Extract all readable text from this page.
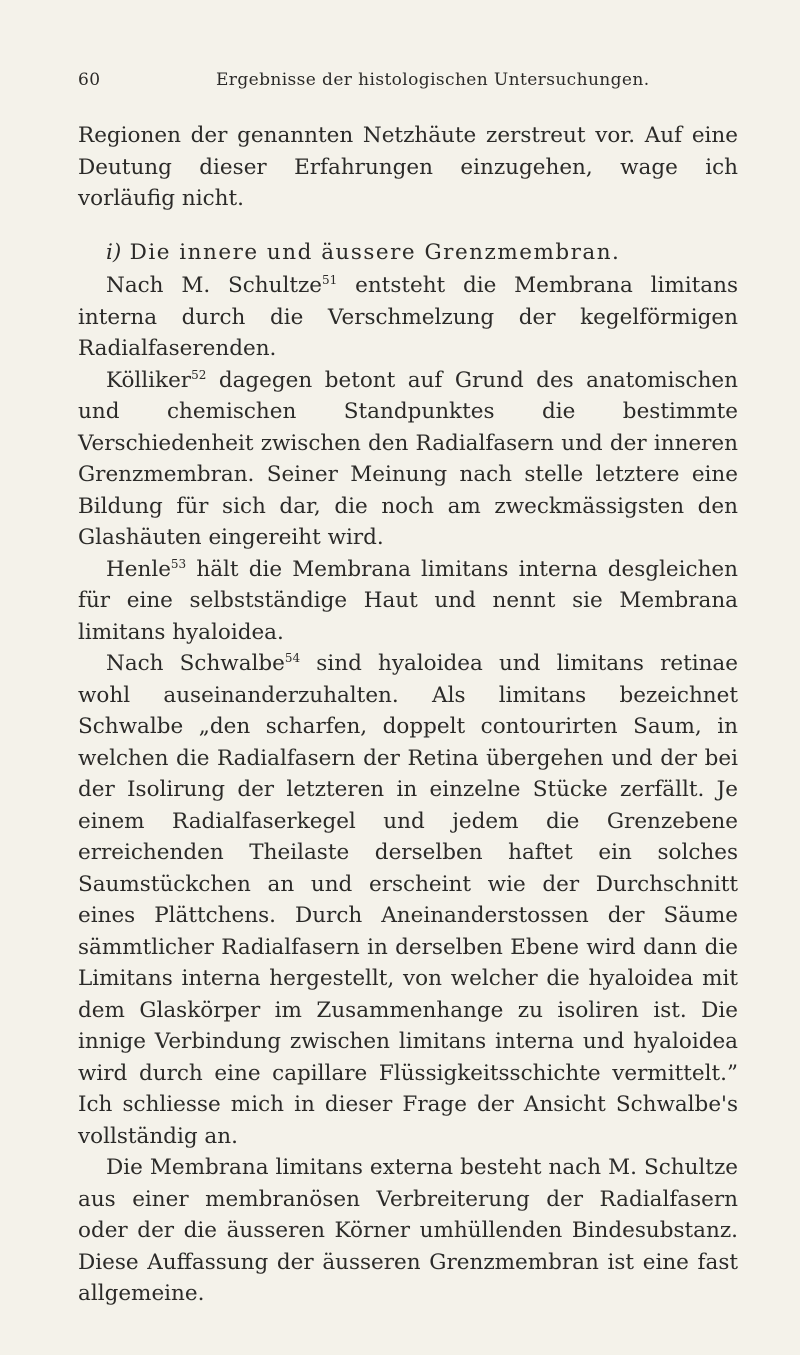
60	Ergebnisse der histologischen Untersuchungen.

Regionen der genannten Netzhäute zerstreut vor. Auf eine Deutung dieser Erfahrungen einzugehen, wage ich vorläufig nicht.

i) Die innere und äussere Grenzmembran.

Nach M. Schultze$^{51}$ entsteht die Membrana limitans interna durch die Verschmelzung der kegelförmigen Radialfaserenden.

Kölliker$^{52}$ dagegen betont auf Grund des anatomischen und chemischen Standpunktes die bestimmte Verschiedenheit zwischen den Radialfasern und der inneren Grenzmembran. Seiner Meinung nach stelle letztere eine Bildung für sich dar, die noch am zweckmässigsten den Glashäuten eingereiht wird.

Henle$^{53}$ hält die Membrana limitans interna desgleichen für eine selbstständige Haut und nennt sie Membrana limitans hyaloidea.

Nach Schwalbe$^{54}$ sind hyaloidea und limitans retinae wohl auseinanderzuhalten. Als limitans bezeichnet Schwalbe „den scharfen, doppelt contourirten Saum, in welchen die Radialfasern der Retina übergehen und der bei der Isolirung der letzteren in einzelne Stücke zerfällt. Je einem Radialfaserkegel und jedem die Grenzebene erreichenden Theilaste derselben haftet ein solches Saumstückchen an und erscheint wie der Durchschnitt eines Plättchens. Durch Aneinanderstossen der Säume sämmtlicher Radialfasern in derselben Ebene wird dann die Limitans interna hergestellt, von welcher die hyaloidea mit dem Glaskörper im Zusammenhange zu isoliren ist. Die innige Verbindung zwischen limitans interna und hyaloidea wird durch eine capillare Flüssigkeitsschichte vermittelt.” Ich schliesse mich in dieser Frage der Ansicht Schwalbe's vollständig an.

Die Membrana limitans externa besteht nach M. Schultze aus einer membranösen Verbreiterung der Radialfasern oder der die äusseren Körner umhüllenden Bindesubstanz. Diese Auffassung der äusseren Grenzmembran ist eine fast allgemeine.
